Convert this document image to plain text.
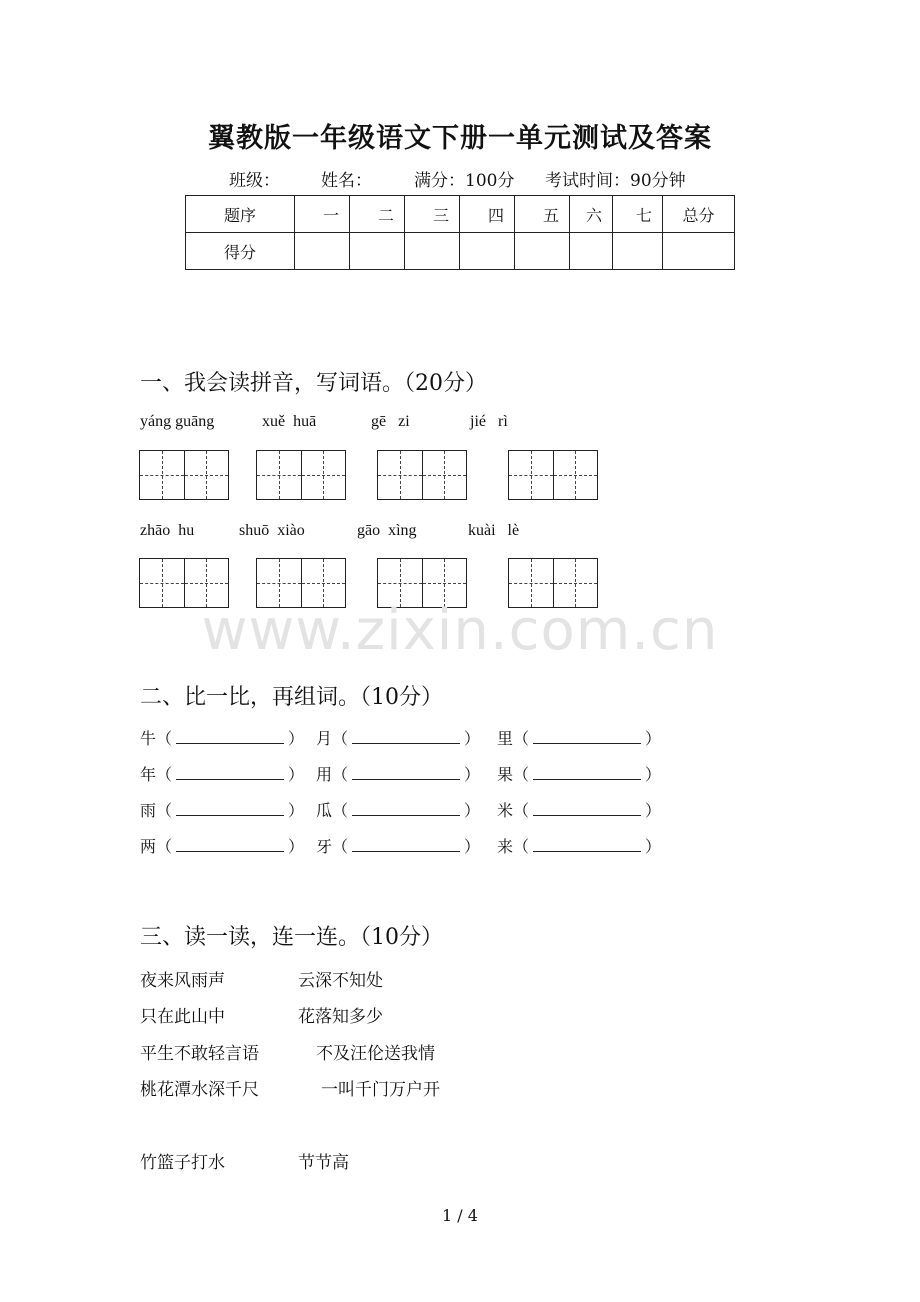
翼教版一年级语文下册一单元测试及答案
班级： 姓名： 满分：100分 考试时间：90分钟
题序	一	二	三	四	五	六	七	总分
得分								
一、我会读拼音，写词语。（20分）
yáng guāng	xuě  huā	gē   zi	jié   rì
zhāo  hu	shuō  xiào	gāo  xìng	kuài   lè
www.zixin.com.cn
二、比一比，再组词。（10分）
牛 （	） 月 （	） 里 （	）
年 （	） 用 （	） 果 （	）
雨 （	） 瓜 （	） 米 （	）
两 （	） 牙 （	） 来 （	）
三、读一读，连一连。（10分）
夜来风雨声	云深不知处
只在此山中	花落知多少
平生不敢轻言语	不及汪伦送我情
桃花潭水深千尺	一叫千门万户开
竹篮子打水	节节高
1 / 4
